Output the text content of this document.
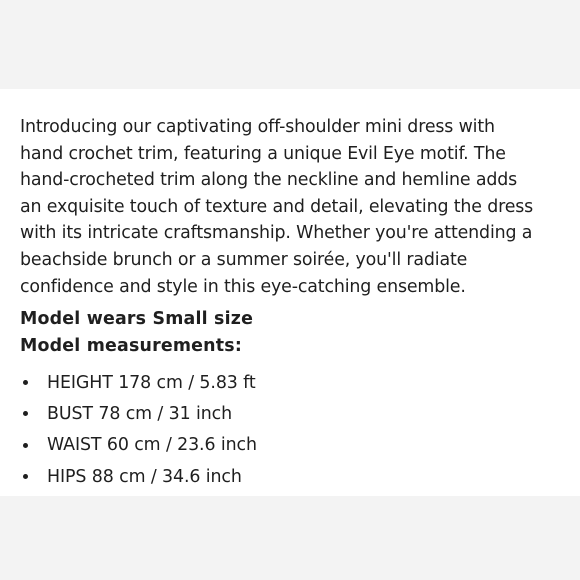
Introducing our captivating off-shoulder mini dress with
hand crochet trim, featuring a unique Evil Eye motif. The
hand-crocheted trim along the neckline and hemline adds
an exquisite touch of texture and detail, elevating the dress
with its intricate craftsmanship. Whether you're attending a
beachside brunch or a summer soirée, you'll radiate
confidence and style in this eye-catching ensemble.

Model wears Small size
Model measurements:
HEIGHT 178 cm / 5.83 ft
BUST 78 cm / 31 inch
WAIST 60 cm / 23.6 inch
HIPS 88 cm / 34.6 inch
